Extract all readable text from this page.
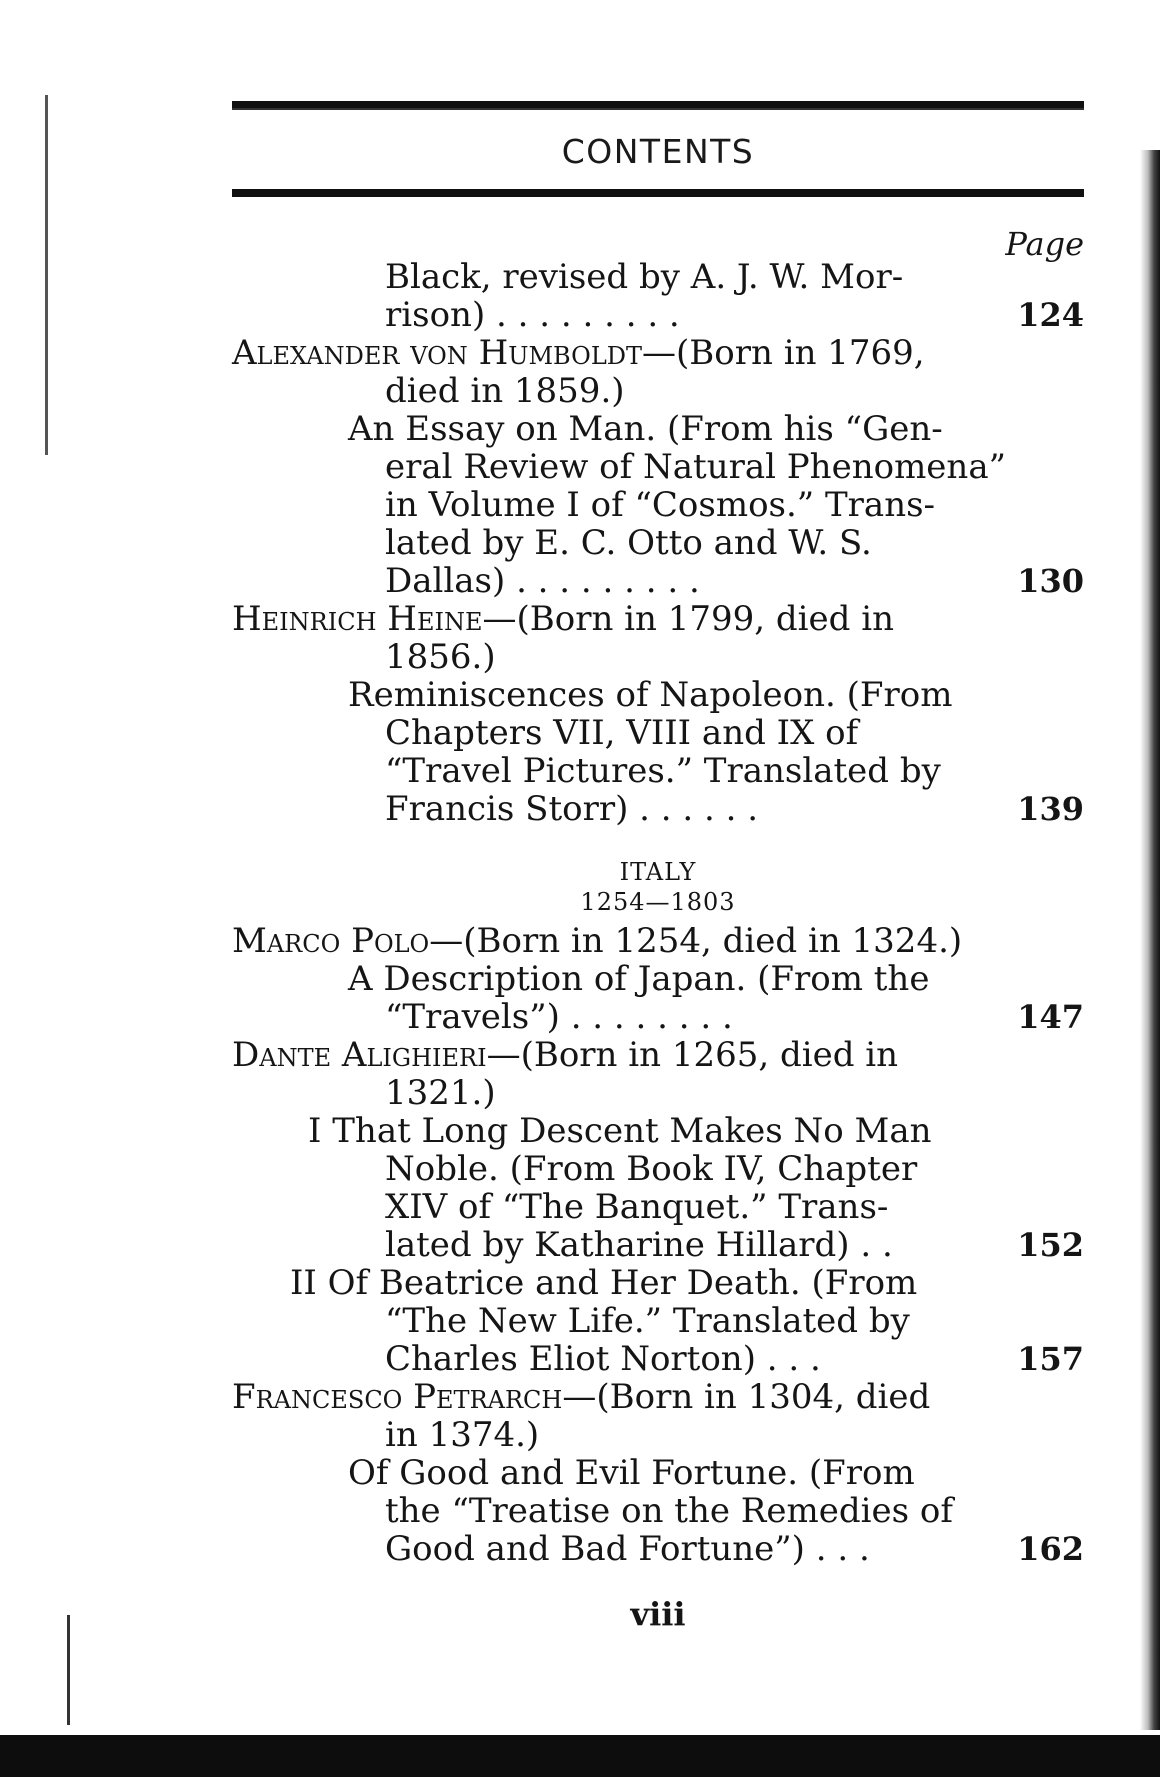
CONTENTS
Page
Black, revised by A. J. W. Mor-
rison) . . . . . . . . .	124
Alexander von Humboldt—(Born in 1769,
died in 1859.)
An Essay on Man. (From his “Gen-
eral Review of Natural Phenomena”
in Volume I of “Cosmos.” Trans-
lated by E. C. Otto and W. S.
Dallas) . . . . . . . . .	130
Heinrich Heine—(Born in 1799, died in
1856.)
Reminiscences of Napoleon. (From
Chapters VII, VIII and IX of
“Travel Pictures.” Translated by
Francis Storr) . . . . . .	139
ITALY
1254—1803
Marco Polo—(Born in 1254, died in 1324.)
A Description of Japan. (From the
“Travels”) . . . . . . . .	147
Dante Alighieri—(Born in 1265, died in
1321.)
I That Long Descent Makes No Man
Noble. (From Book IV, Chapter
XIV of “The Banquet.” Trans-
lated by Katharine Hillard) . .	152
II Of Beatrice and Her Death. (From
“The New Life.” Translated by
Charles Eliot Norton) . . .	157
Francesco Petrarch—(Born in 1304, died
in 1374.)
Of Good and Evil Fortune. (From
the “Treatise on the Remedies of
Good and Bad Fortune”) . . .	162
viii
